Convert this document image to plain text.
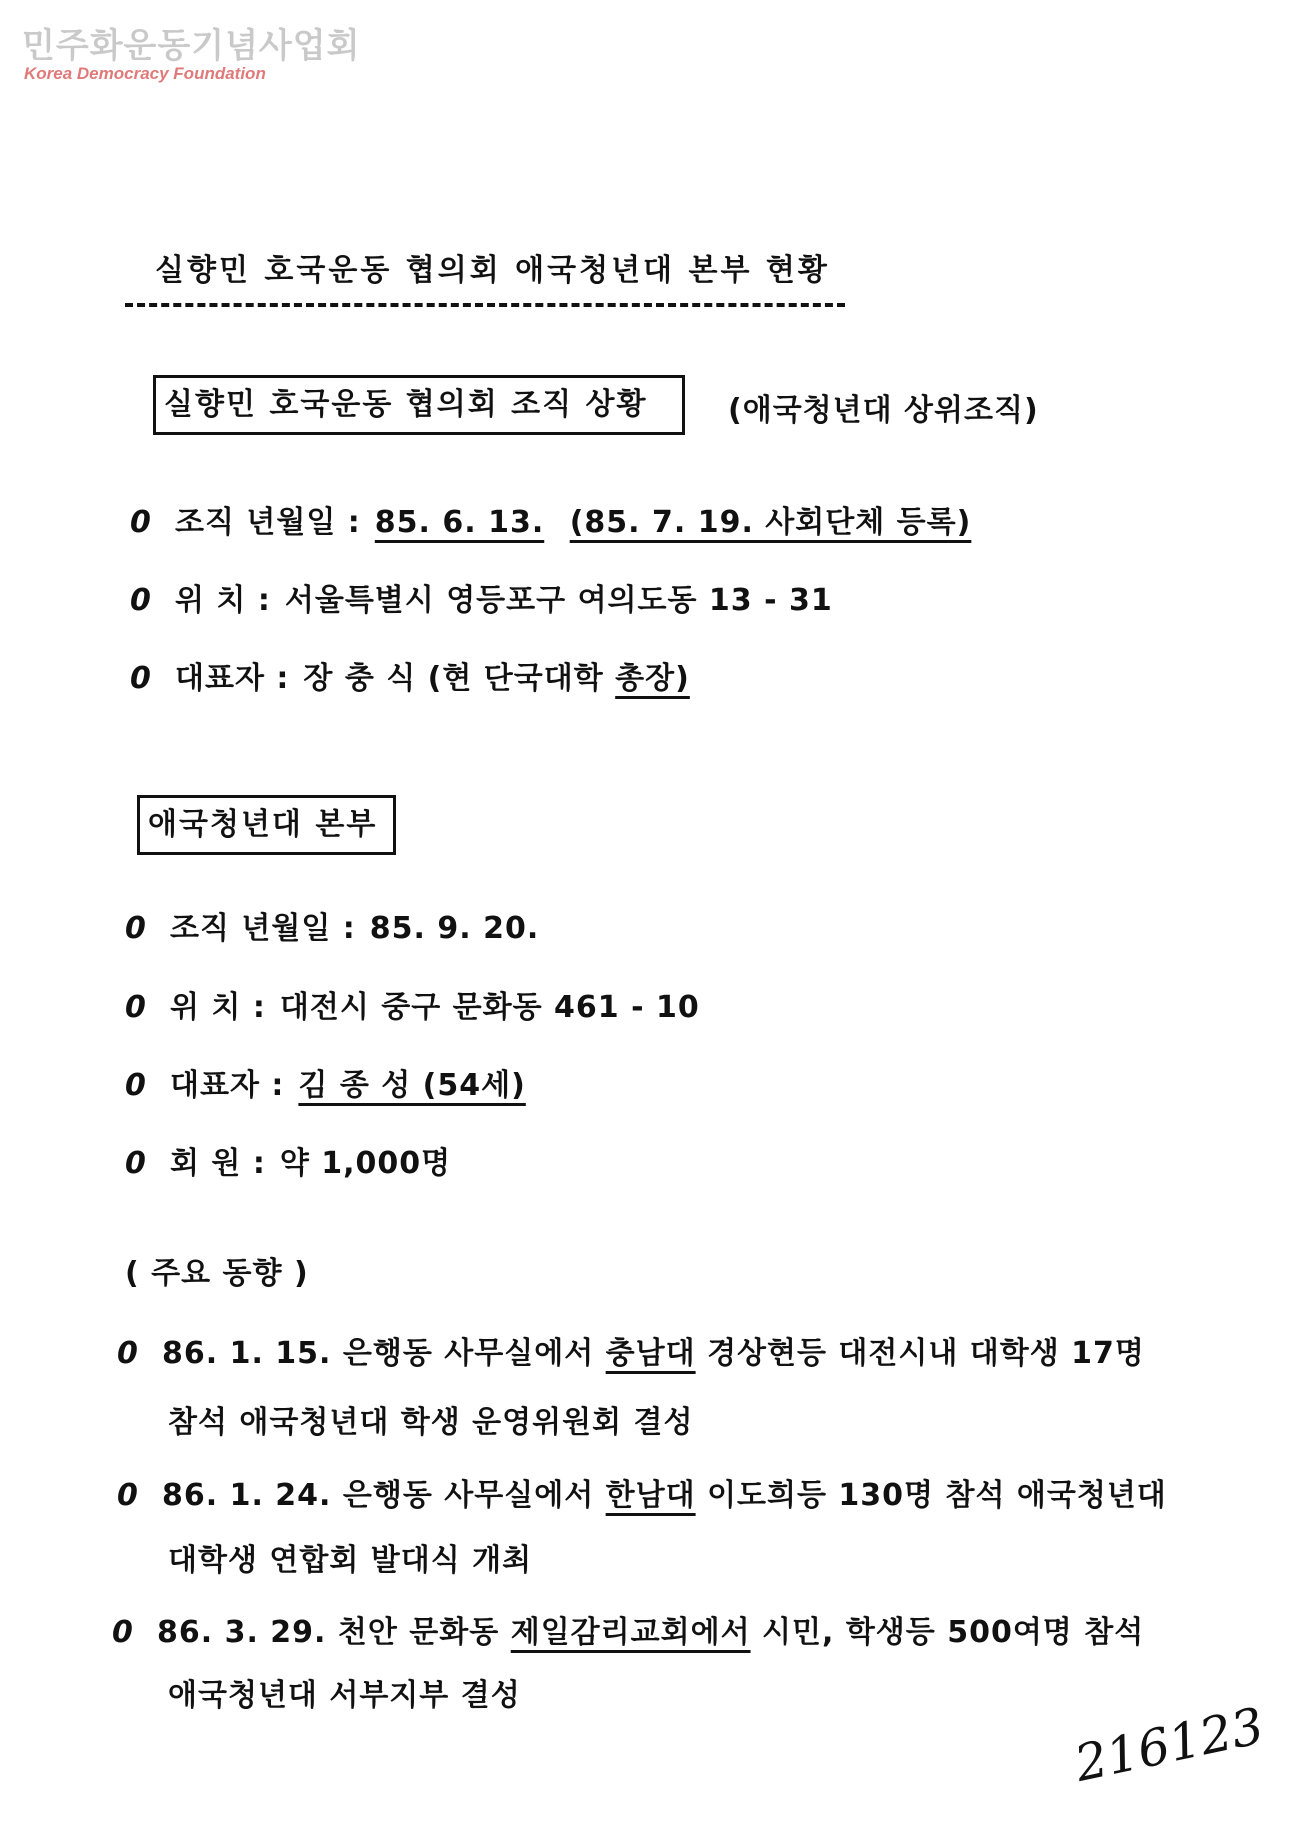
민주화운동기념사업회
Korea Democracy Foundation
실향민 호국운동 협의회 애국청년대 본부 현황
실향민 호국운동 협의회 조직 상황	(애국청년대 상위조직)
0 조직 년월일 : 85. 6. 13. (85. 7. 19. 사회단체 등록)
0 위 치 : 서울특별시 영등포구 여의도동 13 - 31
0 대표자 : 장 충 식 (현 단국대학 총장)
애국청년대 본부
0 조직 년월일 : 85. 9. 20.
0 위 치 : 대전시 중구 문화동 461 - 10
0 대표자 : 김 종 성 (54세)
0 회 원 : 약 1,000명
( 주요 동향 )
0 86. 1. 15. 은행동 사무실에서 충남대 경상현등 대전시내 대학생 17명
참석 애국청년대 학생 운영위원회 결성
0 86. 1. 24. 은행동 사무실에서 한남대 이도희등 130명 참석 애국청년대
대학생 연합회 발대식 개최
0 86. 3. 29. 천안 문화동 제일감리교회에서 시민, 학생등 500여명 참석
애국청년대 서부지부 결성
216123
